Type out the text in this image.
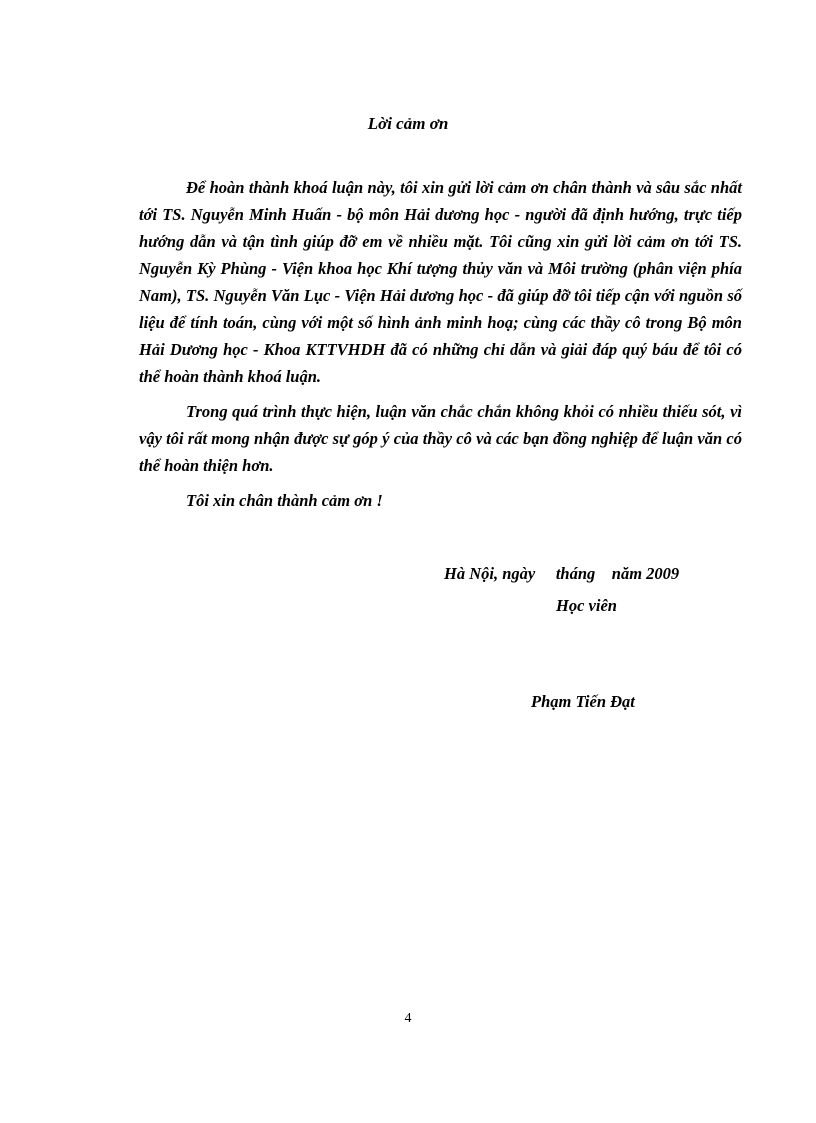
Lời cảm ơn

Để hoàn thành khoá luận này, tôi xin gửi lời cảm ơn chân thành và sâu sắc nhất tới TS. Nguyễn Minh Huấn - bộ môn Hải dương học - người đã định hướng, trực tiếp hướng dẫn và tận tình giúp đỡ em về nhiều mặt. Tôi cũng xin gửi lời cảm ơn tới TS. Nguyễn Kỳ Phùng - Viện khoa học Khí tượng thủy văn và Môi trường (phân viện phía Nam), TS. Nguyễn Văn Lục - Viện Hải dương học - đã giúp đỡ tôi tiếp cận với nguồn số liệu để tính toán, cùng với một số hình ảnh minh hoạ; cùng các thầy cô trong Bộ môn Hải Dương học - Khoa KTTVHDH đã có những chỉ dẫn và giải đáp quý báu để tôi có thể hoàn thành khoá luận.

Trong quá trình thực hiện, luận văn chắc chắn không khỏi có nhiều thiếu sót, vì vậy tôi rất mong nhận được sự góp ý của thầy cô và các bạn đồng nghiệp để luận văn có thể hoàn thiện hơn.

Tôi xin chân thành cảm ơn !

Hà Nội, ngày     tháng    năm 2009
Học viên
Phạm Tiến Đạt
4
